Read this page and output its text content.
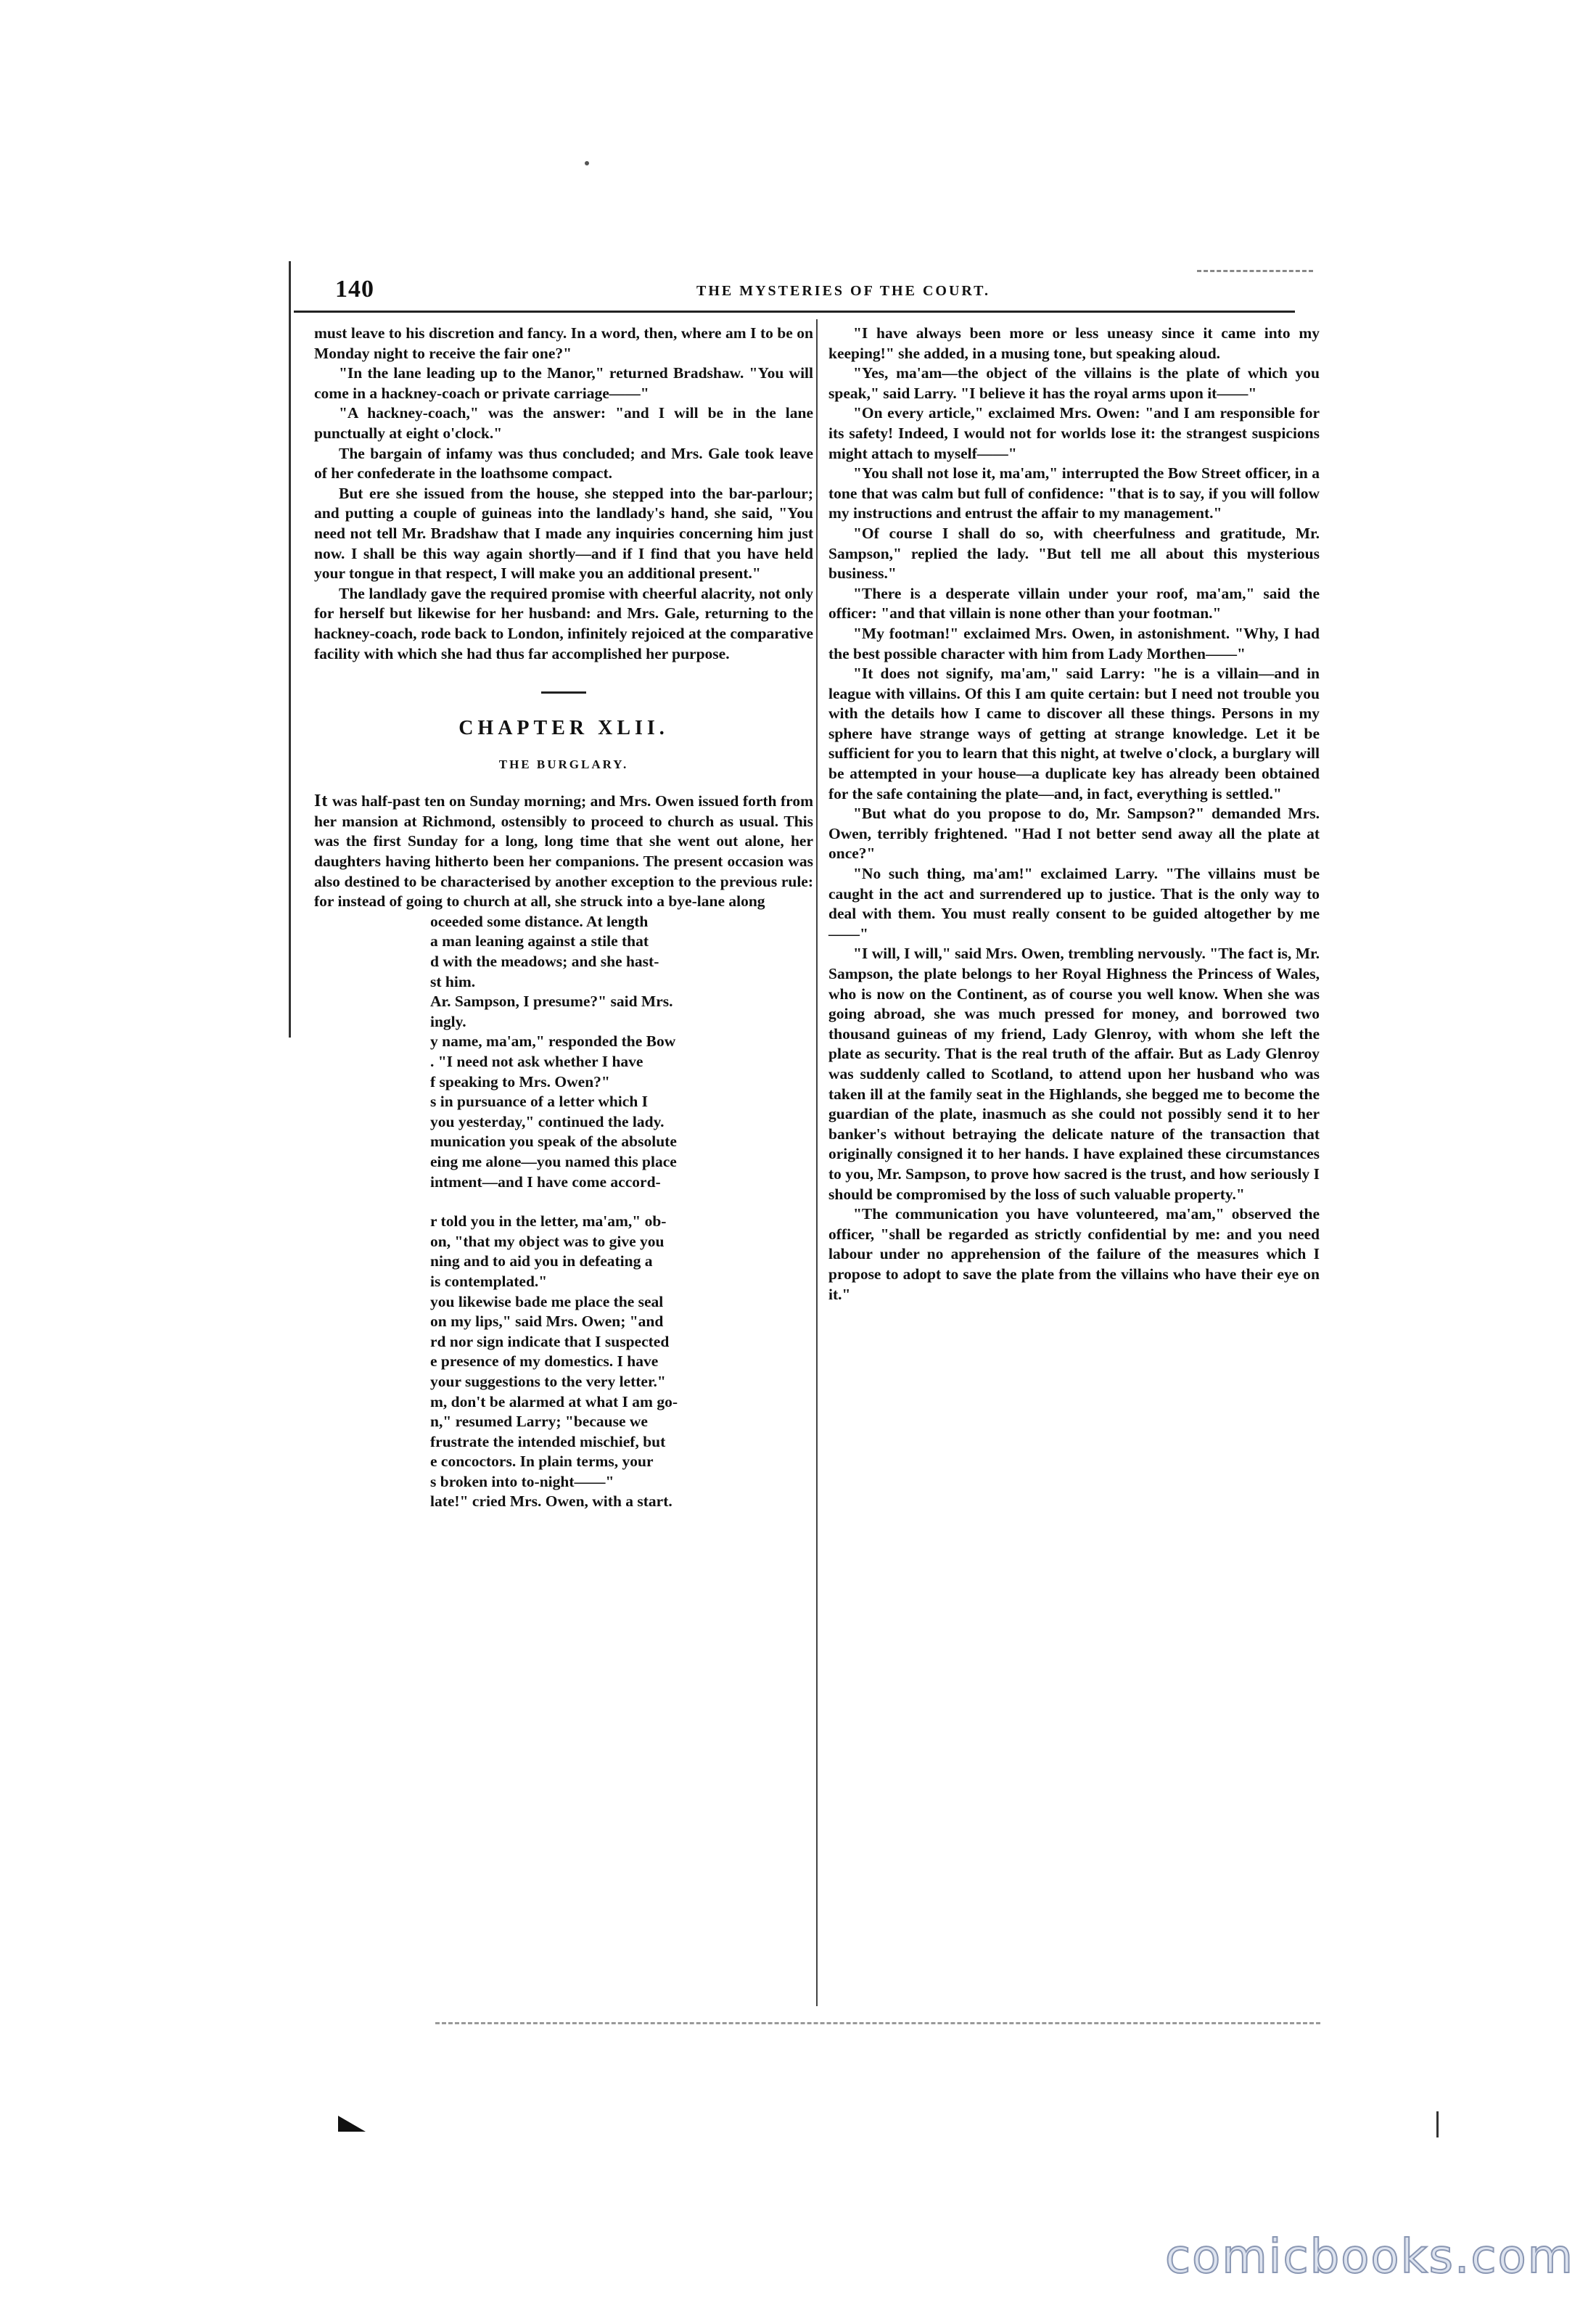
140	THE MYSTERIES OF THE COURT.

must leave to his discretion and fancy. In a word, then, where am I to be on Monday night to receive the fair one?"

"In the lane leading up to the Manor," returned Bradshaw. "You will come in a hackney-coach or private carriage——"

"A hackney-coach," was the answer: "and I will be in the lane punctually at eight o'clock."

The bargain of infamy was thus concluded; and Mrs. Gale took leave of her confederate in the loathsome compact.

But ere she issued from the house, she stepped into the bar-parlour; and putting a couple of guineas into the landlady's hand, she said, "You need not tell Mr. Bradshaw that I made any inquiries concerning him just now. I shall be this way again shortly—and if I find that you have held your tongue in that respect, I will make you an additional present."

The landlady gave the required promise with cheerful alacrity, not only for herself but likewise for her husband: and Mrs. Gale, returning to the hackney-coach, rode back to London, infinitely rejoiced at the comparative facility with which she had thus far accomplished her purpose.

CHAPTER XLII.
THE BURGLARY.

It was half-past ten on Sunday morning; and Mrs. Owen issued forth from her mansion at Richmond, ostensibly to proceed to church as usual. This was the first Sunday for a long, long time that she went out alone, her daughters having hitherto been her companions. The present occasion was also destined to be characterised by another exception to the previous rule: for instead of going to church at all, she struck into a bye-lane along

oceeded some distance. At length

a man leaning against a stile that

d with the meadows; and she hast-

st him.

Ar. Sampson, I presume?" said Mrs.

ingly.

y name, ma'am," responded the Bow

. "I need not ask whether I have

f speaking to Mrs. Owen?"

s in pursuance of a letter which I

you yesterday," continued the lady.

munication you speak of the absolute

eing me alone—you named this place

intment—and I have come accord-

r told you in the letter, ma'am," ob-

on, "that my object was to give you

ning and to aid you in defeating a

is contemplated."

you likewise bade me place the seal

on my lips," said Mrs. Owen; "and

rd nor sign indicate that I suspected

e presence of my domestics. I have

your suggestions to the very letter."

m, don't be alarmed at what I am go-

n," resumed Larry; "because we

frustrate the intended mischief, but

e concoctors. In plain terms, your

s broken into to-night——"

late!" cried Mrs. Owen, with a start.

"I have always been more or less uneasy since it came into my keeping!" she added, in a musing tone, but speaking aloud.

"Yes, ma'am—the object of the villains is the plate of which you speak," said Larry. "I believe it has the royal arms upon it——"

"On every article," exclaimed Mrs. Owen: "and I am responsible for its safety! Indeed, I would not for worlds lose it: the strangest suspicions might attach to myself——"

"You shall not lose it, ma'am," interrupted the Bow Street officer, in a tone that was calm but full of confidence: "that is to say, if you will follow my instructions and entrust the affair to my management."

"Of course I shall do so, with cheerfulness and gratitude, Mr. Sampson," replied the lady. "But tell me all about this mysterious business."

"There is a desperate villain under your roof, ma'am," said the officer: "and that villain is none other than your footman."

"My footman!" exclaimed Mrs. Owen, in astonishment. "Why, I had the best possible character with him from Lady Morthen——"

"It does not signify, ma'am," said Larry: "he is a villain—and in league with villains. Of this I am quite certain: but I need not trouble you with the details how I came to discover all these things. Persons in my sphere have strange ways of getting at strange knowledge. Let it be sufficient for you to learn that this night, at twelve o'clock, a burglary will be attempted in your house—a duplicate key has already been obtained for the safe containing the plate—and, in fact, everything is settled."

"But what do you propose to do, Mr. Sampson?" demanded Mrs. Owen, terribly frightened. "Had I not better send away all the plate at once?"

"No such thing, ma'am!" exclaimed Larry. "The villains must be caught in the act and surrendered up to justice. That is the only way to deal with them. You must really consent to be guided altogether by me——"

"I will, I will," said Mrs. Owen, trembling nervously. "The fact is, Mr. Sampson, the plate belongs to her Royal Highness the Princess of Wales, who is now on the Continent, as of course you well know. When she was going abroad, she was much pressed for money, and borrowed two thousand guineas of my friend, Lady Glenroy, with whom she left the plate as security. That is the real truth of the affair. But as Lady Glenroy was suddenly called to Scotland, to attend upon her husband who was taken ill at the family seat in the Highlands, she begged me to become the guardian of the plate, inasmuch as she could not possibly send it to her banker's without betraying the delicate nature of the transaction that originally consigned it to her hands. I have explained these circumstances to you, Mr. Sampson, to prove how sacred is the trust, and how seriously I should be compromised by the loss of such valuable property."

"The communication you have volunteered, ma'am," observed the officer, "shall be regarded as strictly confidential by me: and you need labour under no apprehension of the failure of the measures which I propose to adopt to save the plate from the villains who have their eye on it."

comicbooks.com
